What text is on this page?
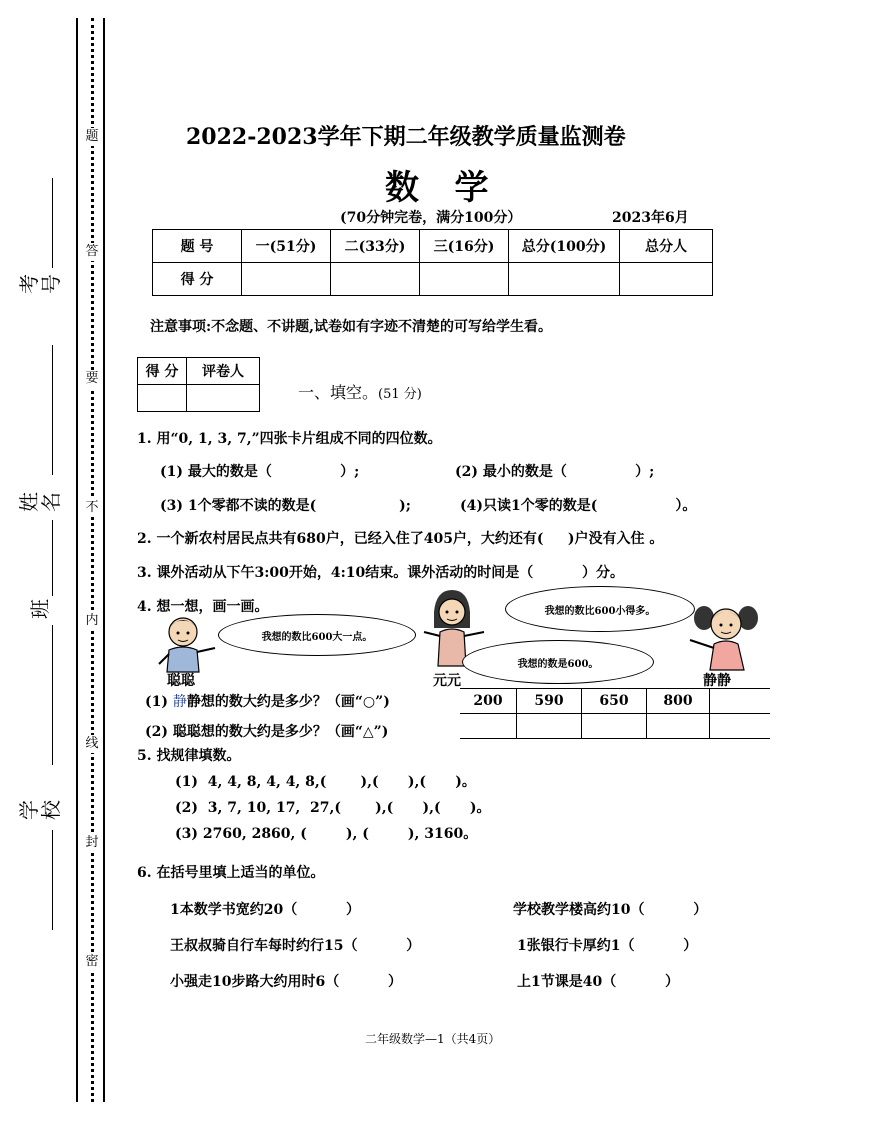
题
答
要
不
内
线
封
密
考号
姓名
班
学校
2022-2023学年下期二年级教学质量监测卷
数   学
(70分钟完卷，满分100分）	2023年6月
题 号	一(51分)	二(33分)	三(16分)	总分(100分)	总分人
得 分					
注意事项:不念题、不讲题,试卷如有字迹不清楚的可写给学生看。
得 分	评卷人

一、填空。(51 分)
1. 用“0, 1, 3, 7,”四张卡片组成不同的四位数。
(1) 最大的数是（              ）;	(2) 最小的数是（              ）;
(3) 1个零都不读的数是(                 );	(4)只读1个零的数是(                ）。
2. 一个新农村居民点共有680户，已经入住了405户，大约还有(     )户没有入住 。
3. 课外活动从下午3:00开始，4:10结束。课外活动的时间是（          ）分。
4. 想一想，画一画。
我想的数比600大一点。
我想的数比600小得多。
我想的数是600。
聪聪	元元	静静
(1) 静静想的数大约是多少？（画“○”)
(2) 聪聪想的数大约是多少？（画“△”)
200	590	650	800	

5. 找规律填数。
(1)  4, 4, 8, 4, 4, 8,(       ),(      ),(      )。
(2)  3, 7, 10, 17,  27,(       ),(      ),(      )。
(3) 2760, 2860, (        ), (        ), 3160。
6. 在括号里填上适当的单位。
1本数学书宽约20（          ）	学校教学楼高约10（          ）
王叔叔骑自行车每时约行15（          ）	1张银行卡厚约1（          ）
小强走10步路大约用时6（          ）	上1节课是40（          ）
二年级数学—1（共4页）
